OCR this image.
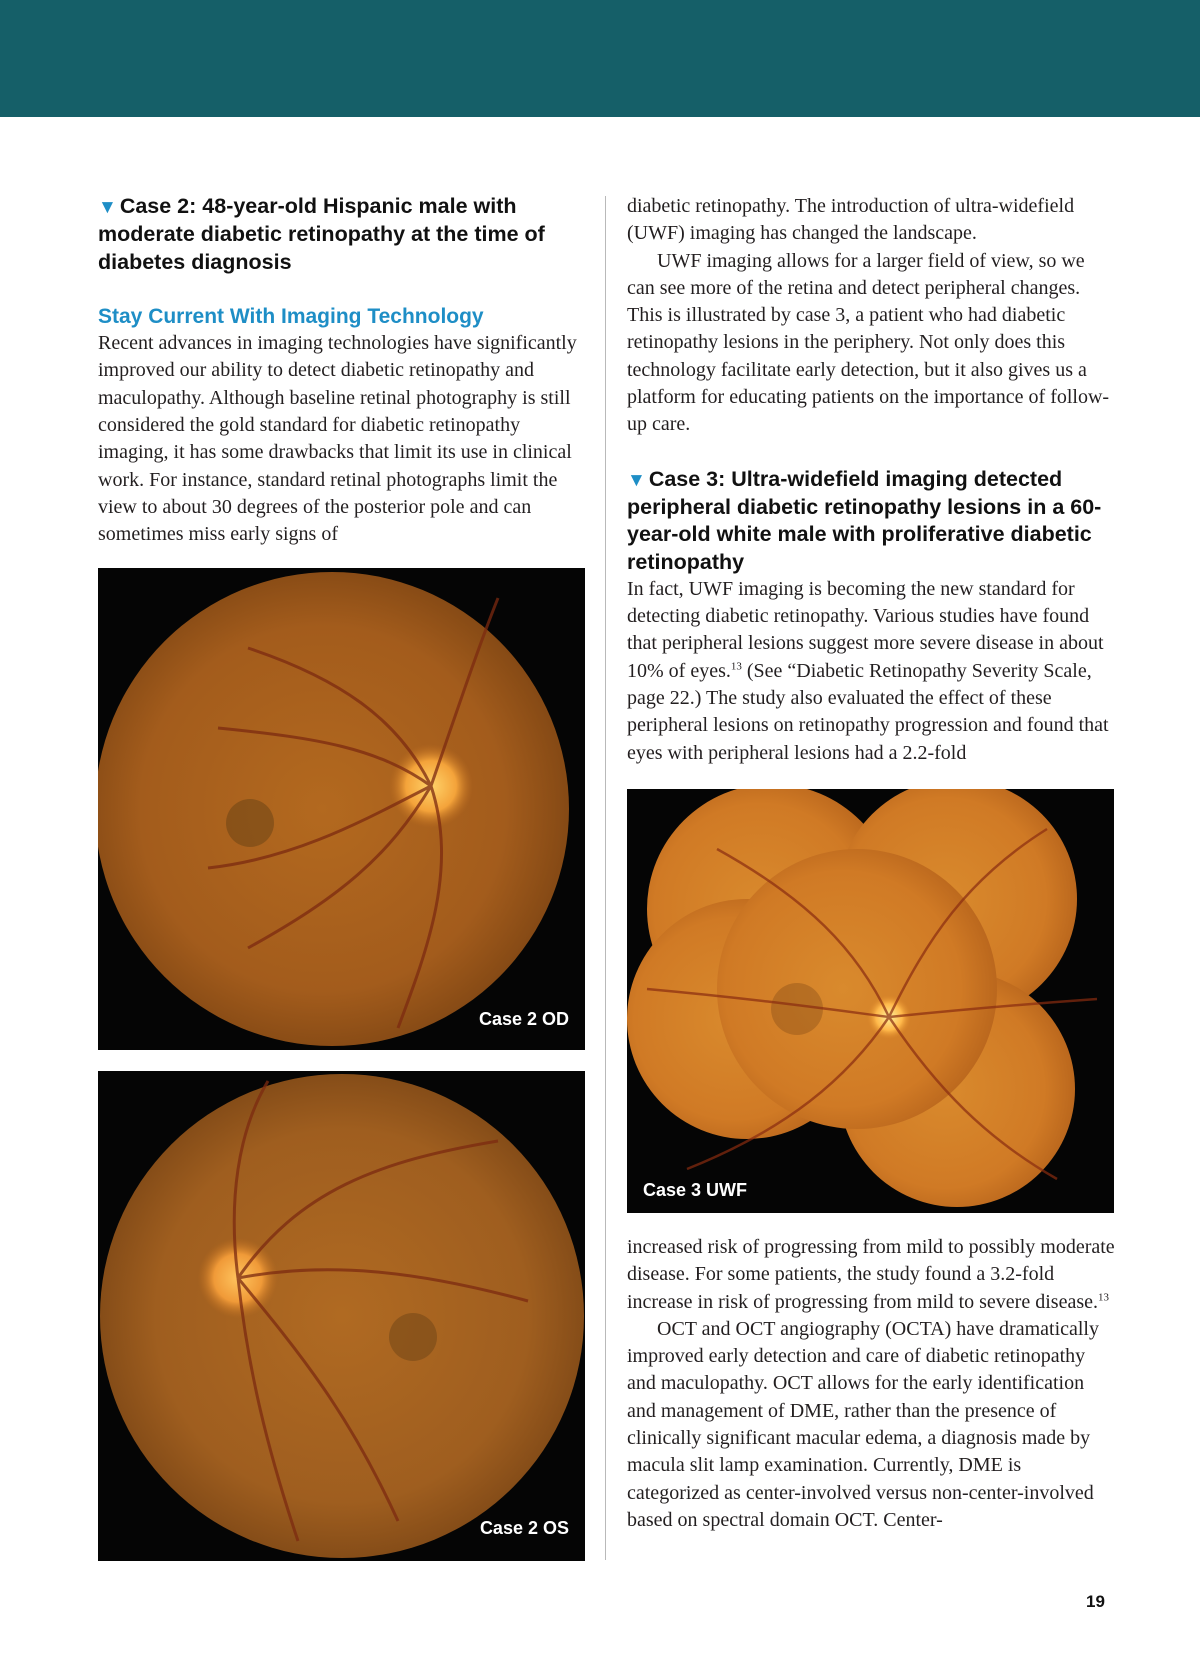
▼ Case 2: 48-year-old Hispanic male with moderate diabetic retinopathy at the time of diabetes diagnosis

Stay Current With Imaging Technology

Recent advances in imaging technologies have significantly improved our ability to detect diabetic retinopathy and maculopathy. Although baseline retinal photography is still considered the gold standard for diabetic retinopathy imaging, it has some drawbacks that limit its use in clinical work. For instance, standard retinal photographs limit the view to about 30 degrees of the posterior pole and can sometimes miss early signs of

diabetic retinopathy. The introduction of ultra-widefield (UWF) imaging has changed the landscape.

UWF imaging allows for a larger field of view, so we can see more of the retina and detect peripheral changes. This is illustrated by case 3, a patient who had diabetic retinopathy lesions in the periphery. Not only does this technology facilitate early detection, but it also gives us a platform for educating patients on the importance of follow-up care.

▼ Case 3: Ultra-widefield imaging detected peripheral diabetic retinopathy lesions in a 60-year-old white male with proliferative diabetic retinopathy

In fact, UWF imaging is becoming the new standard for detecting diabetic retinopathy. Various studies have found that peripheral lesions suggest more severe disease in about 10% of eyes.$^{13}$ (See “Diabetic Retinopathy Severity Scale, page 22.) The study also evaluated the effect of these peripheral lesions on retinopathy progression and found that eyes with peripheral lesions had a 2.2-fold

increased risk of progressing from mild to possibly moderate disease. For some patients, the study found a 3.2-fold increase in risk of progressing from mild to severe disease.$^{13}$

OCT and OCT angiography (OCTA) have dramatically improved early detection and care of diabetic retinopathy and maculopathy. OCT allows for the early identification and management of DME, rather than the presence of clinically significant macular edema, a diagnosis made by macula slit lamp examination. Currently, DME is categorized as center-involved versus non-center-involved based on spectral domain OCT. Center-

Case 2 OD
Case 2 OS
Case 3 UWF
19
